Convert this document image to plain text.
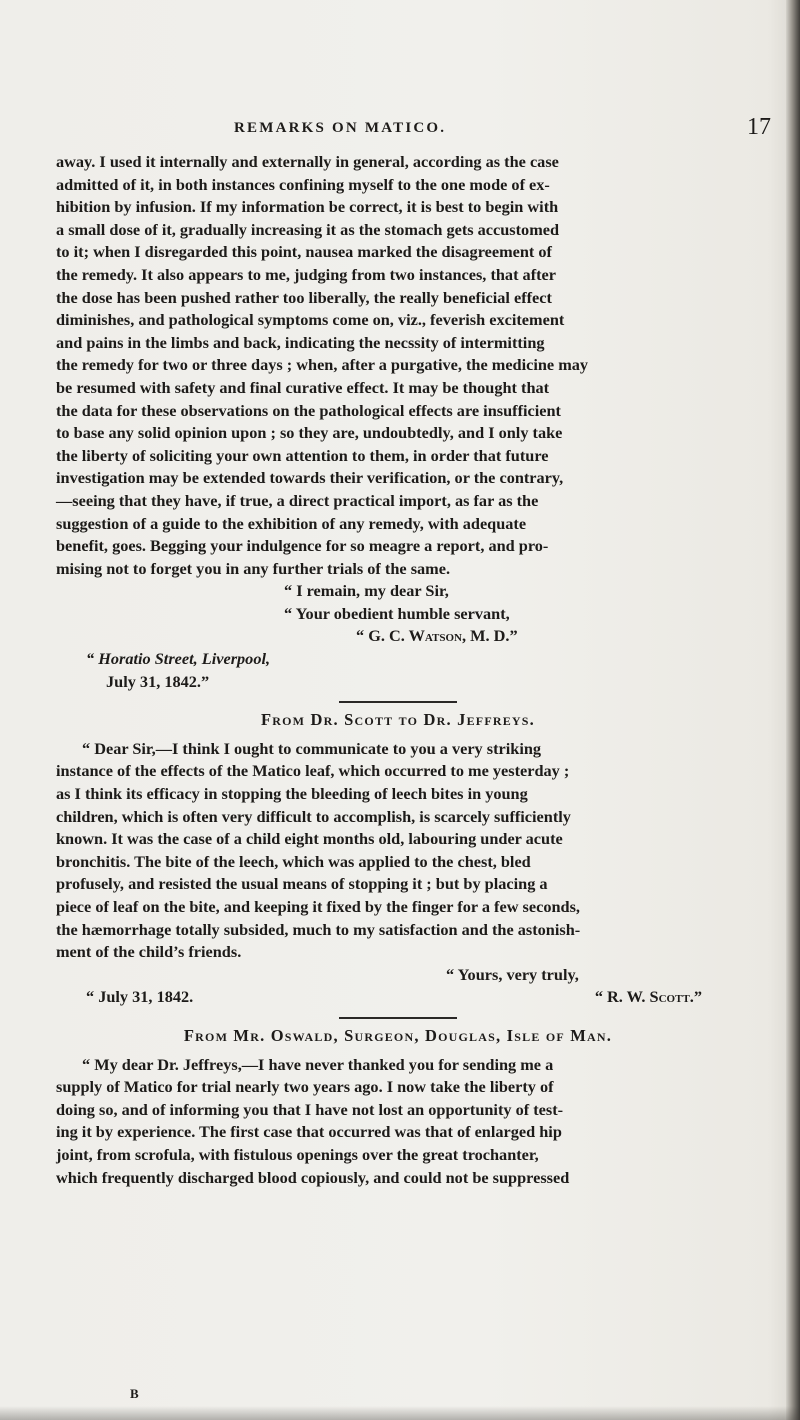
REMARKS ON MATICO.	17

away. I used it internally and externally in general, according as the case
admitted of it, in both instances confining myself to the one mode of ex-
hibition by infusion. If my information be correct, it is best to begin with
a small dose of it, gradually increasing it as the stomach gets accustomed
to it; when I disregarded this point, nausea marked the disagreement of
the remedy. It also appears to me, judging from two instances, that after
the dose has been pushed rather too liberally, the really beneficial effect
diminishes, and pathological symptoms come on, viz., feverish excitement
and pains in the limbs and back, indicating the necssity of intermitting
the remedy for two or three days ; when, after a purgative, the medicine may
be resumed with safety and final curative effect. It may be thought that
the data for these observations on the pathological effects are insufficient
to base any solid opinion upon ; so they are, undoubtedly, and I only take
the liberty of soliciting your own attention to them, in order that future
investigation may be extended towards their verification, or the contrary,
—seeing that they have, if true, a direct practical import, as far as the
suggestion of a guide to the exhibition of any remedy, with adequate
benefit, goes. Begging your indulgence for so meagre a report, and pro-
mising not to forget you in any further trials of the same.

“ I remain, my dear Sir,
“ Your obedient humble servant,
“ G. C. Watson, M. D.”
“ Horatio Street, Liverpool,
July 31, 1842.”

From Dr. Scott to Dr. Jeffreys.

“ Dear Sir,—I think I ought to communicate to you a very striking
instance of the effects of the Matico leaf, which occurred to me yesterday ;
as I think its efficacy in stopping the bleeding of leech bites in young
children, which is often very difficult to accomplish, is scarcely sufficiently
known. It was the case of a child eight months old, labouring under acute
bronchitis. The bite of the leech, which was applied to the chest, bled
profusely, and resisted the usual means of stopping it ; but by placing a
piece of leaf on the bite, and keeping it fixed by the finger for a few seconds,
the hæmorrhage totally subsided, much to my satisfaction and the astonish-
ment of the child’s friends.

“ Yours, very truly,
“ July 31, 1842.	“ R. W. Scott.”

From Mr. Oswald, Surgeon, Douglas, Isle of Man.

“ My dear Dr. Jeffreys,—I have never thanked you for sending me a
supply of Matico for trial nearly two years ago. I now take the liberty of
doing so, and of informing you that I have not lost an opportunity of test-
ing it by experience. The first case that occurred was that of enlarged hip
joint, from scrofula, with fistulous openings over the great trochanter,
which frequently discharged blood copiously, and could not be suppressed

B
